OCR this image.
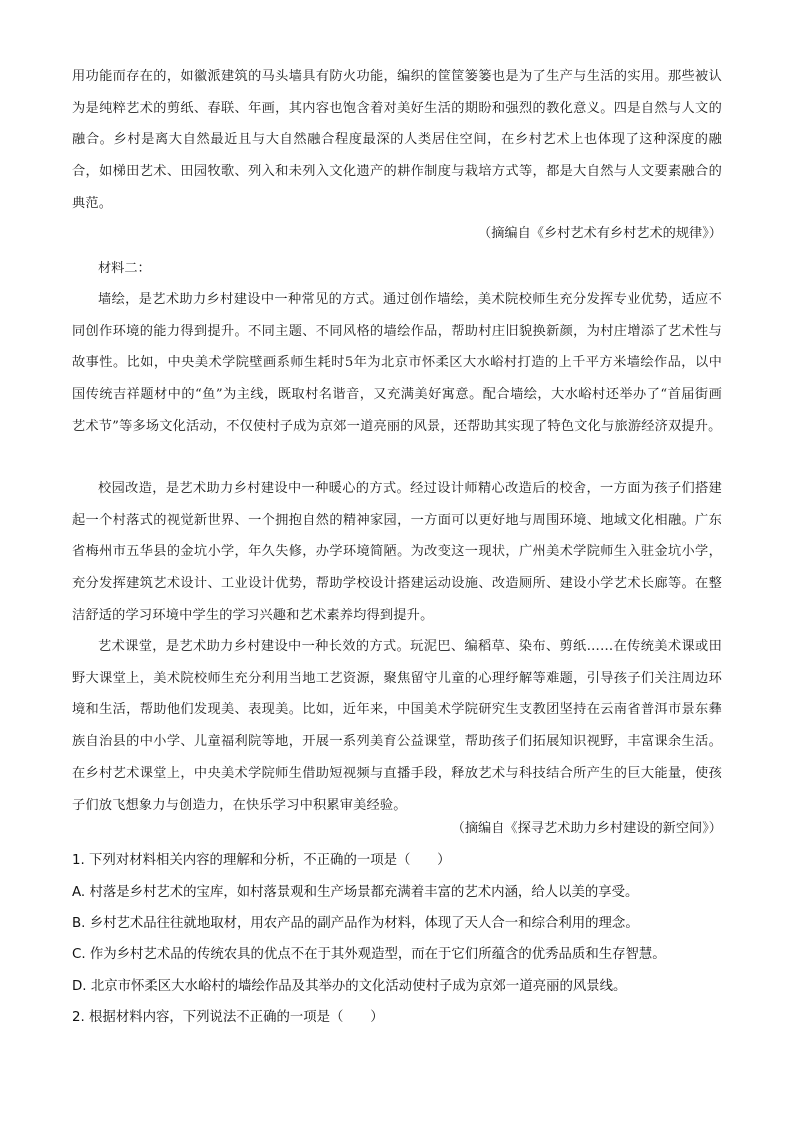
用功能而存在的，如徽派建筑的马头墙具有防火功能，编织的筐筐篓篓也是为了生产与生活的实用。那些被认为是纯粹艺术的剪纸、春联、年画，其内容也饱含着对美好生活的期盼和强烈的教化意义。四是自然与人文的融合。乡村是离大自然最近且与大自然融合程度最深的人类居住空间，在乡村艺术上也体现了这种深度的融合，如梯田艺术、田园牧歌、列入和未列入文化遗产的耕作制度与栽培方式等，都是大自然与人文要素融合的典范。
（摘编自《乡村艺术有乡村艺术的规律》）
材料二：
墙绘，是艺术助力乡村建设中一种常见的方式。通过创作墙绘，美术院校师生充分发挥专业优势，适应不同创作环境的能力得到提升。不同主题、不同风格的墙绘作品，帮助村庄旧貌换新颜，为村庄增添了艺术性与故事性。比如，中央美术学院壁画系师生耗时5年为北京市怀柔区大水峪村打造的上千平方米墙绘作品，以中国传统吉祥题材中的“鱼”为主线，既取村名谐音，又充满美好寓意。配合墙绘，大水峪村还举办了“首届街画艺术节”等多场文化活动，不仅使村子成为京郊一道亮丽的风景，还帮助其实现了特色文化与旅游经济双提升。
校园改造，是艺术助力乡村建设中一种暖心的方式。经过设计师精心改造后的校舍，一方面为孩子们搭建起一个村落式的视觉新世界、一个拥抱自然的精神家园，一方面可以更好地与周围环境、地域文化相融。广东省梅州市五华县的金坑小学，年久失修，办学环境简陋。为改变这一现状，广州美术学院师生入驻金坑小学，充分发挥建筑艺术设计、工业设计优势，帮助学校设计搭建运动设施、改造厕所、建设小学艺术长廊等。在整洁舒适的学习环境中学生的学习兴趣和艺术素养均得到提升。
艺术课堂，是艺术助力乡村建设中一种长效的方式。玩泥巴、编稻草、染布、剪纸……在传统美术课或田野大课堂上，美术院校师生充分利用当地工艺资源，聚焦留守儿童的心理纾解等难题，引导孩子们关注周边环境和生活，帮助他们发现美、表现美。比如，近年来，中国美术学院研究生支教团坚持在云南省普洱市景东彝族自治县的中小学、儿童福利院等地，开展一系列美育公益课堂，帮助孩子们拓展知识视野，丰富课余生活。在乡村艺术课堂上，中央美术学院师生借助短视频与直播手段，释放艺术与科技结合所产生的巨大能量，使孩子们放飞想象力与创造力，在快乐学习中积累审美经验。
（摘编自《探寻艺术助力乡村建设的新空间》）
1. 下列对材料相关内容的理解和分析，不正确的一项是（　　）
A. 村落是乡村艺术的宝库，如村落景观和生产场景都充满着丰富的艺术内涵，给人以美的享受。
B. 乡村艺术品往往就地取材，用农产品的副产品作为材料，体现了天人合一和综合利用的理念。
C. 作为乡村艺术品的传统农具的优点不在于其外观造型，而在于它们所蕴含的优秀品质和生存智慧。
D. 北京市怀柔区大水峪村的墙绘作品及其举办的文化活动使村子成为京郊一道亮丽的风景线。
2. 根据材料内容，下列说法不正确的一项是（　　）
